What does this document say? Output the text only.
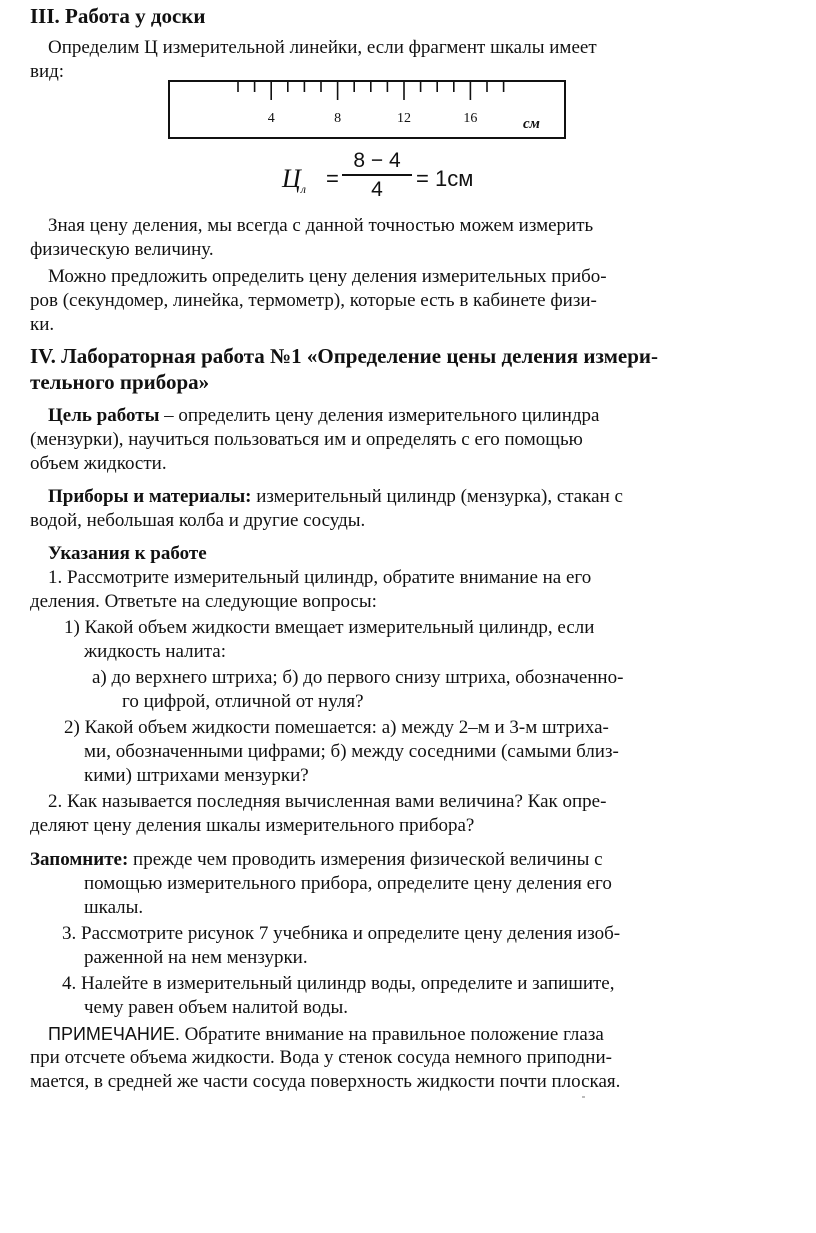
III. Работа у доски

Определим Ц измерительной линейки, если фрагмент шкалы имеет

вид:

4	8	12	16	см
$Ц_л = \frac{8 - 4}{4} = 1см$

Зная цену деления, мы всегда с данной точностью можем измерить

физическую величину.

Можно предложить определить цену деления измерительных прибо-

ров (секундомер, линейка, термометр), которые есть в кабинете физи-

ки.

IV. Лабораторная работа №1 «Определение цены деления измери-

тельного прибора»

Цель работы – определить цену деления измерительного цилиндра

(мензурки), научиться пользоваться им и определять с его помощью

объем жидкости.

Приборы и материалы: измерительный цилиндр (мензурка), стакан с

водой, небольшая колба и другие сосуды.

Указания к работе

1. Рассмотрите измерительный цилиндр, обратите внимание на его

деления. Ответьте на следующие вопросы:

1) Какой объем жидкости вмещает измерительный цилиндр, если

жидкость налита:

а) до верхнего штриха; б) до первого снизу штриха, обозначенно-

го цифрой, отличной от нуля?

2) Какой объем жидкости помешается: а) между 2–м и 3-м штриха-

ми, обозначенными цифрами; б) между соседними (самыми близ-

кими) штрихами мензурки?

2. Как называется последняя вычисленная вами величина? Как опре-

деляют цену деления шкалы измерительного прибора?

Запомните: прежде чем проводить измерения физической величины с

помощью измерительного прибора, определите цену деления его

шкалы.

3. Рассмотрите рисунок 7 учебника и определите цену деления изоб-

раженной на нем мензурки.

4. Налейте в измерительный цилиндр воды, определите и запишите,

чему равен объем налитой воды.

ПРИМЕЧАНИЕ. Обратите внимание на правильное положение глаза

при отсчете объема жидкости. Вода у стенок сосуда немного приподни-

мается, в средней же части сосуда поверхность жидкости почти плоская.
